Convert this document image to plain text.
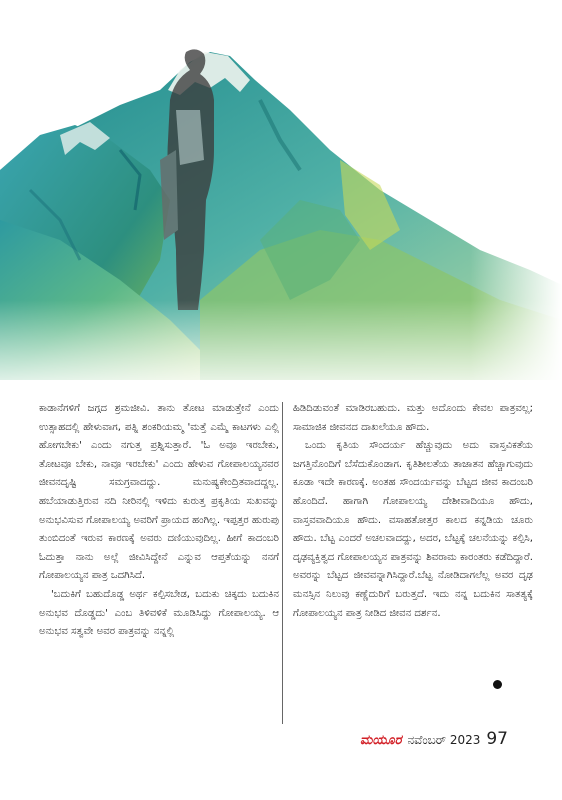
ಕಾಡಾನೆಗಳಿಗೆ ಜಗ್ಗದ ಶ್ರಮಜೀವಿ. ತಾನು ತೋಟ ಮಾಡುತ್ತೇನೆ ಎಂದು ಉತ್ಸಾಹದಲ್ಲಿ ಹೇಳುವಾಗ, ಪತ್ನಿ ಶಂಕರಿಯಮ್ಮ 'ಮತ್ತೆ ಎಮ್ಮೆ ಕಾಟಗಳು ಎಲ್ಲಿ ಹೋಗಬೇಕು' ಎಂದು ನಗುತ್ತ ಪ್ರಶ್ನಿಸುತ್ತಾರೆ. 'ಓ ಅವೂ ಇರಬೇಕು, ತೋಟವೂ ಬೇಕು, ನಾವೂ ಇರಬೇಕು' ಎಂದು ಹೇಳುವ ಗೋಪಾಲಯ್ಯನವರ ಜೀವನದೃಷ್ಟಿ ಸಮಗ್ರವಾದದ್ದು. ಮನುಷ್ಯಕೇಂದ್ರಿತವಾದದ್ದಲ್ಲ. ಹಬೆಯಾಡುತ್ತಿರುವ ನದಿ ನೀರಿನಲ್ಲಿ ಇಳಿದು ಕುರುತ್ತ ಪ್ರಕೃತಿಯ ಸುಖವನ್ನು ಅನುಭವಿಸುವ ಗೋಪಾಲಯ್ಯ ಅವರಿಗೆ ಪ್ರಾಯದ ಹಂಗಿಲ್ಲ. ಇಪ್ಪತ್ತರ ಹುರುಪು ತುಂಬಿದಂತೆ ಇರುವ ಕಾರಣಕ್ಕೆ ಅವರು ದಣಿಯುವುದಿಲ್ಲ. ಹೀಗೆ ಕಾದಂಬರಿ ಓದುತ್ತಾ ನಾನು ಅಲ್ಲೆ ಜೀವಿಸಿದ್ದೇನೆ ಎನ್ನುವ ಆಪ್ತತೆಯನ್ನು ನನಗೆ ಗೋಪಾಲಯ್ಯನ ಪಾತ್ರ ಒದಗಿಸಿದೆ.

'ಬದುಕಿಗೆ ಬಹುದೊಡ್ಡ ಅರ್ಥ ಕಲ್ಪಿಸಬೇಡ, ಬದುಕು ಚಿಕ್ಕದು ಬದುಕಿನ ಅನುಭವ ದೊಡ್ಡದು' ಎಂಬ ತಿಳಿವಳಿಕೆ ಮೂಡಿಸಿದ್ದು ಗೋಪಾಲಯ್ಯ. ಆ ಅನುಭವ ಸತ್ವವೇ ಅವರ ಪಾತ್ರವನ್ನು ನನ್ನಲ್ಲಿ

ಹಿಡಿದಿಡುವಂತೆ ಮಾಡಿರಬಹುದು. ಮತ್ತು ಅದೊಂದು ಕೇವಲ ಪಾತ್ರವಲ್ಲ; ಸಾಮಾಜಿಕ ಜೀವನದ ದಾಖಲೆಯೂ ಹೌದು.

ಒಂದು ಕೃತಿಯ ಸೌಂದರ್ಯ ಹೆಚ್ಚುವುದು ಅದು ವಾಸ್ತವಿಕತೆಯ ಜಗತ್ತಿನೊಂದಿಗೆ ಬೆಸೆದುಕೊಂಡಾಗ. ಕೃತಿಶೀಲತೆಯ ತಾಜಾತನ ಹೆಚ್ಚಾಗುವುದು ಕೂಡಾ ಇದೇ ಕಾರಣಕ್ಕೆ. ಅಂತಹ ಸೌಂದರ್ಯವನ್ನು ಬೆಟ್ಟದ ಜೀವ ಕಾದಂಬರಿ ಹೊಂದಿದೆ. ಹಾಗಾಗಿ ಗೋಪಾಲಯ್ಯ ದೇಶೀವಾದಿಯೂ ಹೌದು, ವಾಸ್ತವವಾದಿಯೂ ಹೌದು. ವಸಾಹತೋತ್ತರ ಕಾಲದ ಕನ್ನಡಿಯ ಚೂರು ಹೌದು. ಬೆಟ್ಟ ಎಂದರೆ ಅಚಲವಾದದ್ದು, ಅದರ, ಬೆಟ್ಟಕ್ಕೆ ಚಲನೆಯನ್ನು ಕಲ್ಪಿಸಿ, ದೃಢವ್ಯಕ್ತಿತ್ವದ ಗೋಪಾಲಯ್ಯನ ಪಾತ್ರವನ್ನು ಶಿವರಾಮ ಕಾರಂತರು ಕಡೆದಿದ್ದಾರೆ. ಅವರನ್ನು ಬೆಟ್ಟದ ಜೀವವನ್ನಾಗಿಸಿದ್ದಾರೆ.ಬೆಟ್ಟ ನೋಡಿದಾಗಲೆಲ್ಲ ಅವರ ದೃಢ ಮನಸ್ಸಿನ ನಿಲುವು ಕಣ್ಣೆದುರಿಗೆ ಬರುತ್ತದೆ. ಇದು ನನ್ನ ಬದುಕಿನ ಸಾತತ್ಯಕ್ಕೆ ಗೋಪಾಲಯ್ಯನ ಪಾತ್ರ ನೀಡಿದ ಜೀವನ ದರ್ಶನ.

ಮಯೂರ ನವೆಂಬರ್ 2023 97
